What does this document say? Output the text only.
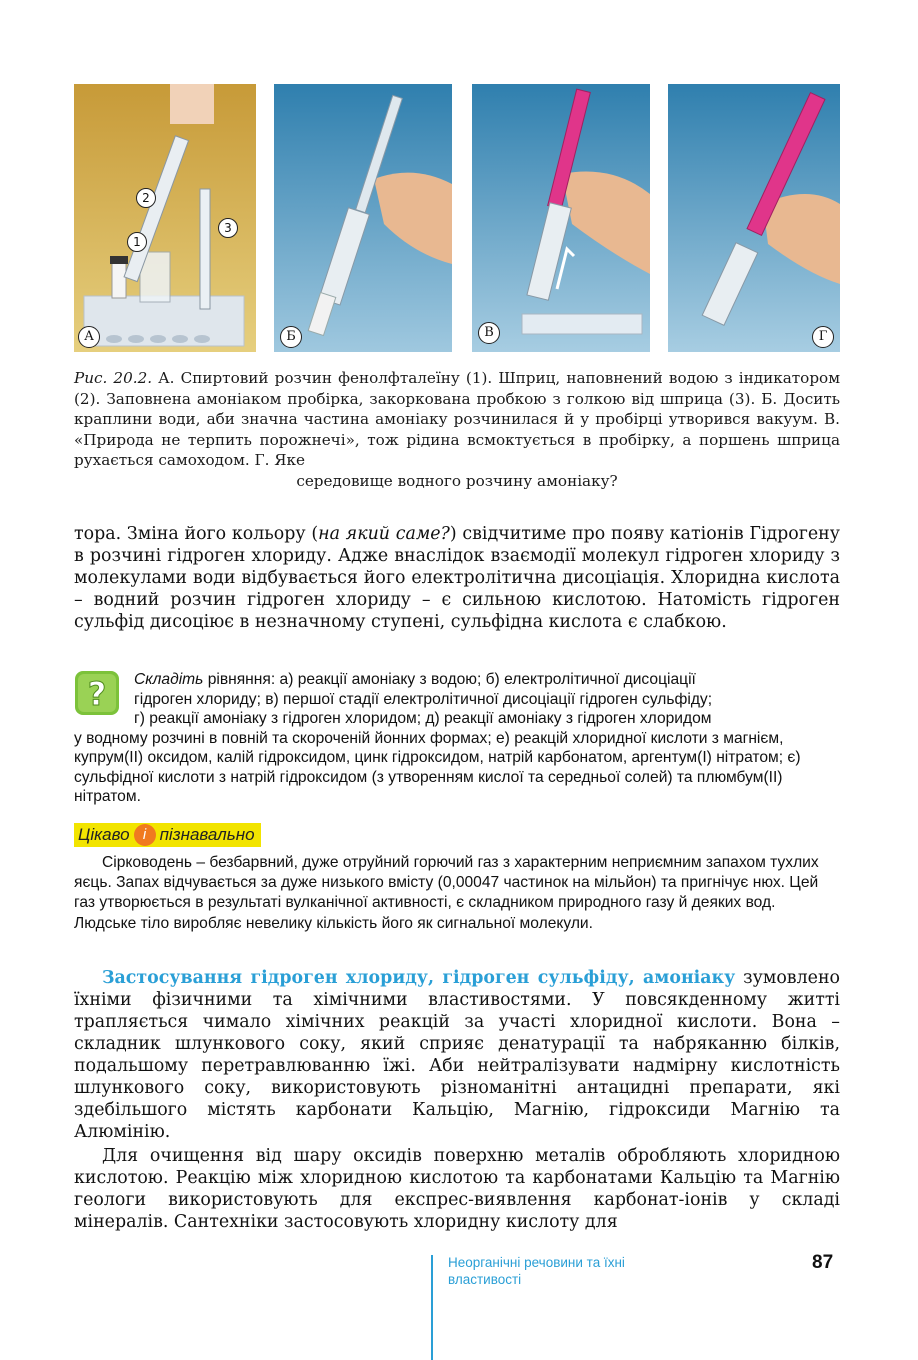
2
1
3
А	Б	В	Г
Рис. 20.2. А. Спиртовий розчин фенолфталеїну (1). Шприц, наповнений водою з індикатором (2). Заповнена амоніаком пробірка, закоркована пробкою з голкою від шприца (3). Б. Досить краплини води, аби значна частина амоніаку розчинилася й у пробірці утворився вакуум. В. «Природа не терпить порожнечі», тож рідина всмоктується в пробірку, а поршень шприца рухається самоходом. Г. Яке
середовище водного розчину амоніаку?
тора. Зміна його кольору (на який саме?) свідчитиме про появу катіонів Гідрогену в розчині гідроген хлориду. Адже внаслідок взаємодії молекул гідроген хлориду з молекулами води відбувається його електролітична дисоціація. Хлоридна кислота – водний розчин гідроген хлориду – є сильною кислотою. Натомість гідроген сульфід дисоціює в незначному ступені, сульфідна кислота є слабкою.
?	Складіть рівняння: а) реакції амоніаку з водою; б) електролітичної дисоціації
гідроген хлориду; в) першої стадії електролітичної дисоціації гідроген сульфіду;
г) реакції амоніаку з гідроген хлоридом; д) реакції амоніаку з гідроген хлоридом
у водному розчині в повній та скороченій йонних формах; е) реакцій хлоридної кислоти з магнієм, купрум(ІІ) оксидом, калій гідроксидом, цинк гідроксидом, натрій карбонатом, аргентум(І) нітратом; є) сульфідної кислоти з натрій гідроксидом (з утворенням кислої та середньої солей) та плюмбум(ІІ) нітратом.
Цікаво і пізнавально
Сірководень – безбарвний, дуже отруйний горючий газ з характерним неприємним запахом тухлих яєць. Запах відчувається за дуже низького вмісту (0,00047 частинок на мільйон) та пригнічує нюх. Цей газ утворюється в результаті вулканічної активності, є складником природного газу й деяких вод. Людське тіло виробляє невелику кількість його як сигнальної молекули.
Застосування гідроген хлориду, гідроген сульфіду, амоніаку зумовлено їхніми фізичними та хімічними властивостями. У повсякденному житті трапляється чимало хімічних реакцій за участі хлоридної кислоти. Вона – складник шлункового соку, який сприяє денатурації та набряканню білків, подальшому перетравлюванню їжі. Аби нейтралізувати надмірну кислотність шлункового соку, використовують різноманітні антацидні препарати, які здебільшого містять карбонати Кальцію, Магнію, гідроксиди Магнію та Алюмінію.
Для очищення від шару оксидів поверхню металів обробляють хлоридною кислотою. Реакцію між хлоридною кислотою та карбонатами Кальцію та Магнію геологи використовують для експрес-виявлення карбонат-іонів у складі мінералів. Сантехніки застосовують хлоридну кислоту для
Неорганічні речовини та їхні властивості
87
